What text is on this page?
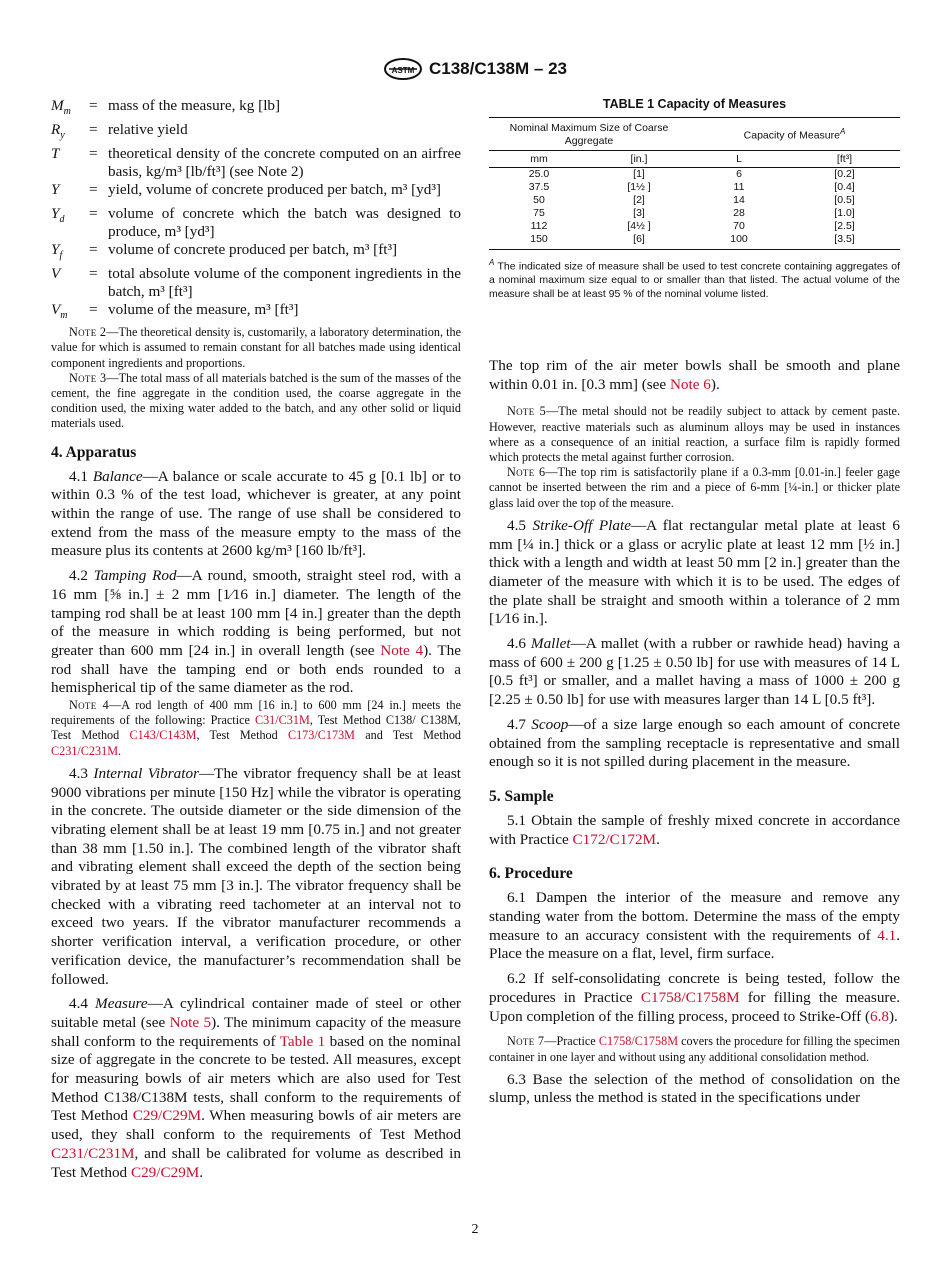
ASTM C138/C138M – 23
$M_m$	= mass of the measure, kg [lb]
$R_y$	= relative yield
T	= theoretical density of the concrete computed on an airfree basis, kg/m³ [lb/ft³] (see Note 2)
Y	= yield, volume of concrete produced per batch, m³ [yd³]
$Y_d$	= volume of concrete which the batch was designed to produce, m³ [yd³]
$Y_f$	= volume of concrete produced per batch, m³ [ft³]
V	= total absolute volume of the component ingredients in the batch, m³ [ft³]
$V_m$	= volume of the measure, m³ [ft³]

Note 2—The theoretical density is, customarily, a laboratory determination, the value for which is assumed to remain constant for all batches made using identical component ingredients and proportions.

Note 3—The total mass of all materials batched is the sum of the masses of the cement, the fine aggregate in the condition used, the coarse aggregate in the condition used, the mixing water added to the batch, and any other solid or liquid materials used.

4. Apparatus

4.1 Balance—A balance or scale accurate to 45 g [0.1 lb] or to within 0.3 % of the test load, whichever is greater, at any point within the range of use. The range of use shall be considered to extend from the mass of the measure empty to the mass of the measure plus its contents at 2600 kg/m³ [160 lb/ft³].

4.2 Tamping Rod—A round, smooth, straight steel rod, with a 16 mm [⅝ in.] ± 2 mm [1⁄16 in.] diameter. The length of the tamping rod shall be at least 100 mm [4 in.] greater than the depth of the measure in which rodding is being performed, but not greater than 600 mm [24 in.] in overall length (see Note 4). The rod shall have the tamping end or both ends rounded to a hemispherical tip of the same diameter as the rod.

Note 4—A rod length of 400 mm [16 in.] to 600 mm [24 in.] meets the requirements of the following: Practice C31/C31M, Test Method C138/ C138M, Test Method C143/C143M, Test Method C173/C173M and Test Method C231/C231M.

4.3 Internal Vibrator—The vibrator frequency shall be at least 9000 vibrations per minute [150 Hz] while the vibrator is operating in the concrete. The outside diameter or the side dimension of the vibrating element shall be at least 19 mm [0.75 in.] and not greater than 38 mm [1.50 in.]. The combined length of the vibrator shaft and vibrating element shall exceed the depth of the section being vibrated by at least 75 mm [3 in.]. The vibrator frequency shall be checked with a vibrating reed tachometer at an interval not to exceed two years. If the vibrator manufacturer recommends a shorter verification interval, a verification procedure, or other verification device, the manufacturer’s recommendation shall be followed.

4.4 Measure—A cylindrical container made of steel or other suitable metal (see Note 5). The minimum capacity of the measure shall conform to the requirements of Table 1 based on the nominal size of aggregate in the concrete to be tested. All measures, except for measuring bowls of air meters which are also used for Test Method C138/C138M tests, shall conform to the requirements of Test Method C29/C29M. When measuring bowls of air meters are used, they shall conform to the requirements of Test Method C231/C231M, and shall be calibrated for volume as described in Test Method C29/C29M.

TABLE 1 Capacity of Measures
Nominal Maximum Size of Coarse Aggregate		Capacity of Measure$^A$
mm	[in.]	L	[ft³]
25.0	[1]	6	[0.2]
37.5	[1½ ]	11	[0.4]
50	[2]	14	[0.5]
75	[3]	28	[1.0]
112	[4½ ]	70	[2.5]
150	[6]	100	[3.5]

$^A$ The indicated size of measure shall be used to test concrete containing aggregates of a nominal maximum size equal to or smaller than that listed. The actual volume of the measure shall be at least 95 % of the nominal volume listed.

The top rim of the air meter bowls shall be smooth and plane within 0.01 in. [0.3 mm] (see Note 6).

Note 5—The metal should not be readily subject to attack by cement paste. However, reactive materials such as aluminum alloys may be used in instances where as a consequence of an initial reaction, a surface film is rapidly formed which protects the metal against further corrosion.

Note 6—The top rim is satisfactorily plane if a 0.3-mm [0.01-in.] feeler gage cannot be inserted between the rim and a piece of 6-mm [¼-in.] or thicker plate glass laid over the top of the measure.

4.5 Strike-Off Plate—A flat rectangular metal plate at least 6 mm [¼ in.] thick or a glass or acrylic plate at least 12 mm [½ in.] thick with a length and width at least 50 mm [2 in.] greater than the diameter of the measure with which it is to be used. The edges of the plate shall be straight and smooth within a tolerance of 2 mm [1⁄16 in.].

4.6 Mallet—A mallet (with a rubber or rawhide head) having a mass of 600 ± 200 g [1.25 ± 0.50 lb] for use with measures of 14 L [0.5 ft³] or smaller, and a mallet having a mass of 1000 ± 200 g [2.25 ± 0.50 lb] for use with measures larger than 14 L [0.5 ft³].

4.7 Scoop—of a size large enough so each amount of concrete obtained from the sampling receptacle is representative and small enough so it is not spilled during placement in the measure.

5. Sample

5.1 Obtain the sample of freshly mixed concrete in accordance with Practice C172/C172M.

6. Procedure

6.1 Dampen the interior of the measure and remove any standing water from the bottom. Determine the mass of the empty measure to an accuracy consistent with the requirements of 4.1. Place the measure on a flat, level, firm surface.

6.2 If self-consolidating concrete is being tested, follow the procedures in Practice C1758/C1758M for filling the measure. Upon completion of the filling process, proceed to Strike-Off (6.8).

Note 7—Practice C1758/C1758M covers the procedure for filling the specimen container in one layer and without using any additional consolidation method.

6.3 Base the selection of the method of consolidation on the slump, unless the method is stated in the specifications under

2
